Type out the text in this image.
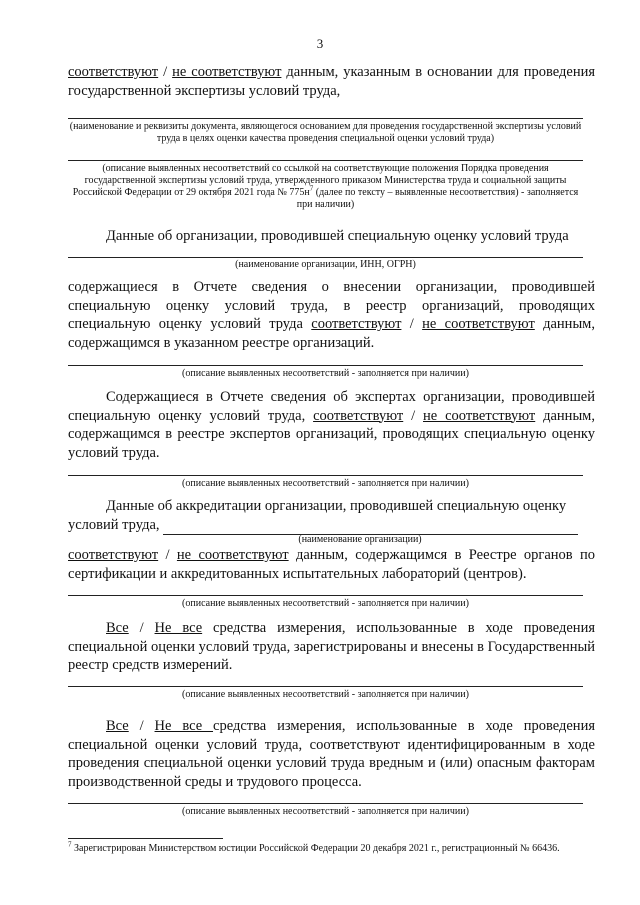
3
соответствуют / не соответствуют данным, указанным в основании для проведения государственной экспертизы условий труда,
(наименование и реквизиты документа, являющегося основанием для проведения государственной экспертизы условий труда в целях оценки качества проведения специальной оценки условий труда)
(описание выявленных несоответствий со ссылкой на соответствующие положения Порядка проведения государственной экспертизы условий труда, утвержденного приказом Министерства труда и социальной защиты Российской Федерации от 29 октября 2021 года № $775н^7$ (далее по тексту – выявленные несоответствия) - заполняется при наличии)
Данные об организации, проводившей специальную оценку условий труда
(наименование организации, ИНН, ОГРН)
содержащиеся в Отчете сведения о внесении организации, проводившей специальную оценку условий труда, в реестр организаций, проводящих специальную оценку условий труда соответствуют / не соответствуют данным, содержащимся в указанном реестре организаций.
(описание выявленных несоответствий - заполняется при наличии)
Содержащиеся в Отчете сведения об экспертах организации, проводившей специальную оценку условий труда, соответствуют / не соответствуют данным, содержащимся в реестре экспертов организаций, проводящих специальную оценку условий труда.
(описание выявленных несоответствий - заполняется при наличии)
Данные об аккредитации организации, проводившей специальную оценку условий труда,
(наименование организации)
соответствуют / не соответствуют данным, содержащимся в Реестре органов по сертификации и аккредитованных испытательных лабораторий (центров).
(описание выявленных несоответствий - заполняется при наличии)
Все / Не все средства измерения, использованные в ходе проведения специальной оценки условий труда, зарегистрированы и внесены в Государственный реестр средств измерений.
(описание выявленных несоответствий - заполняется при наличии)
Все / Не все средства измерения, использованные в ходе проведения специальной оценки условий труда, соответствуют идентифицированным в ходе проведения специальной оценки условий труда вредным и (или) опасным факторам производственной среды и трудового процесса.
(описание выявленных несоответствий - заполняется при наличии)
$^7$ Зарегистрирован Министерством юстиции Российской Федерации 20 декабря 2021 г., регистрационный № 66436.
